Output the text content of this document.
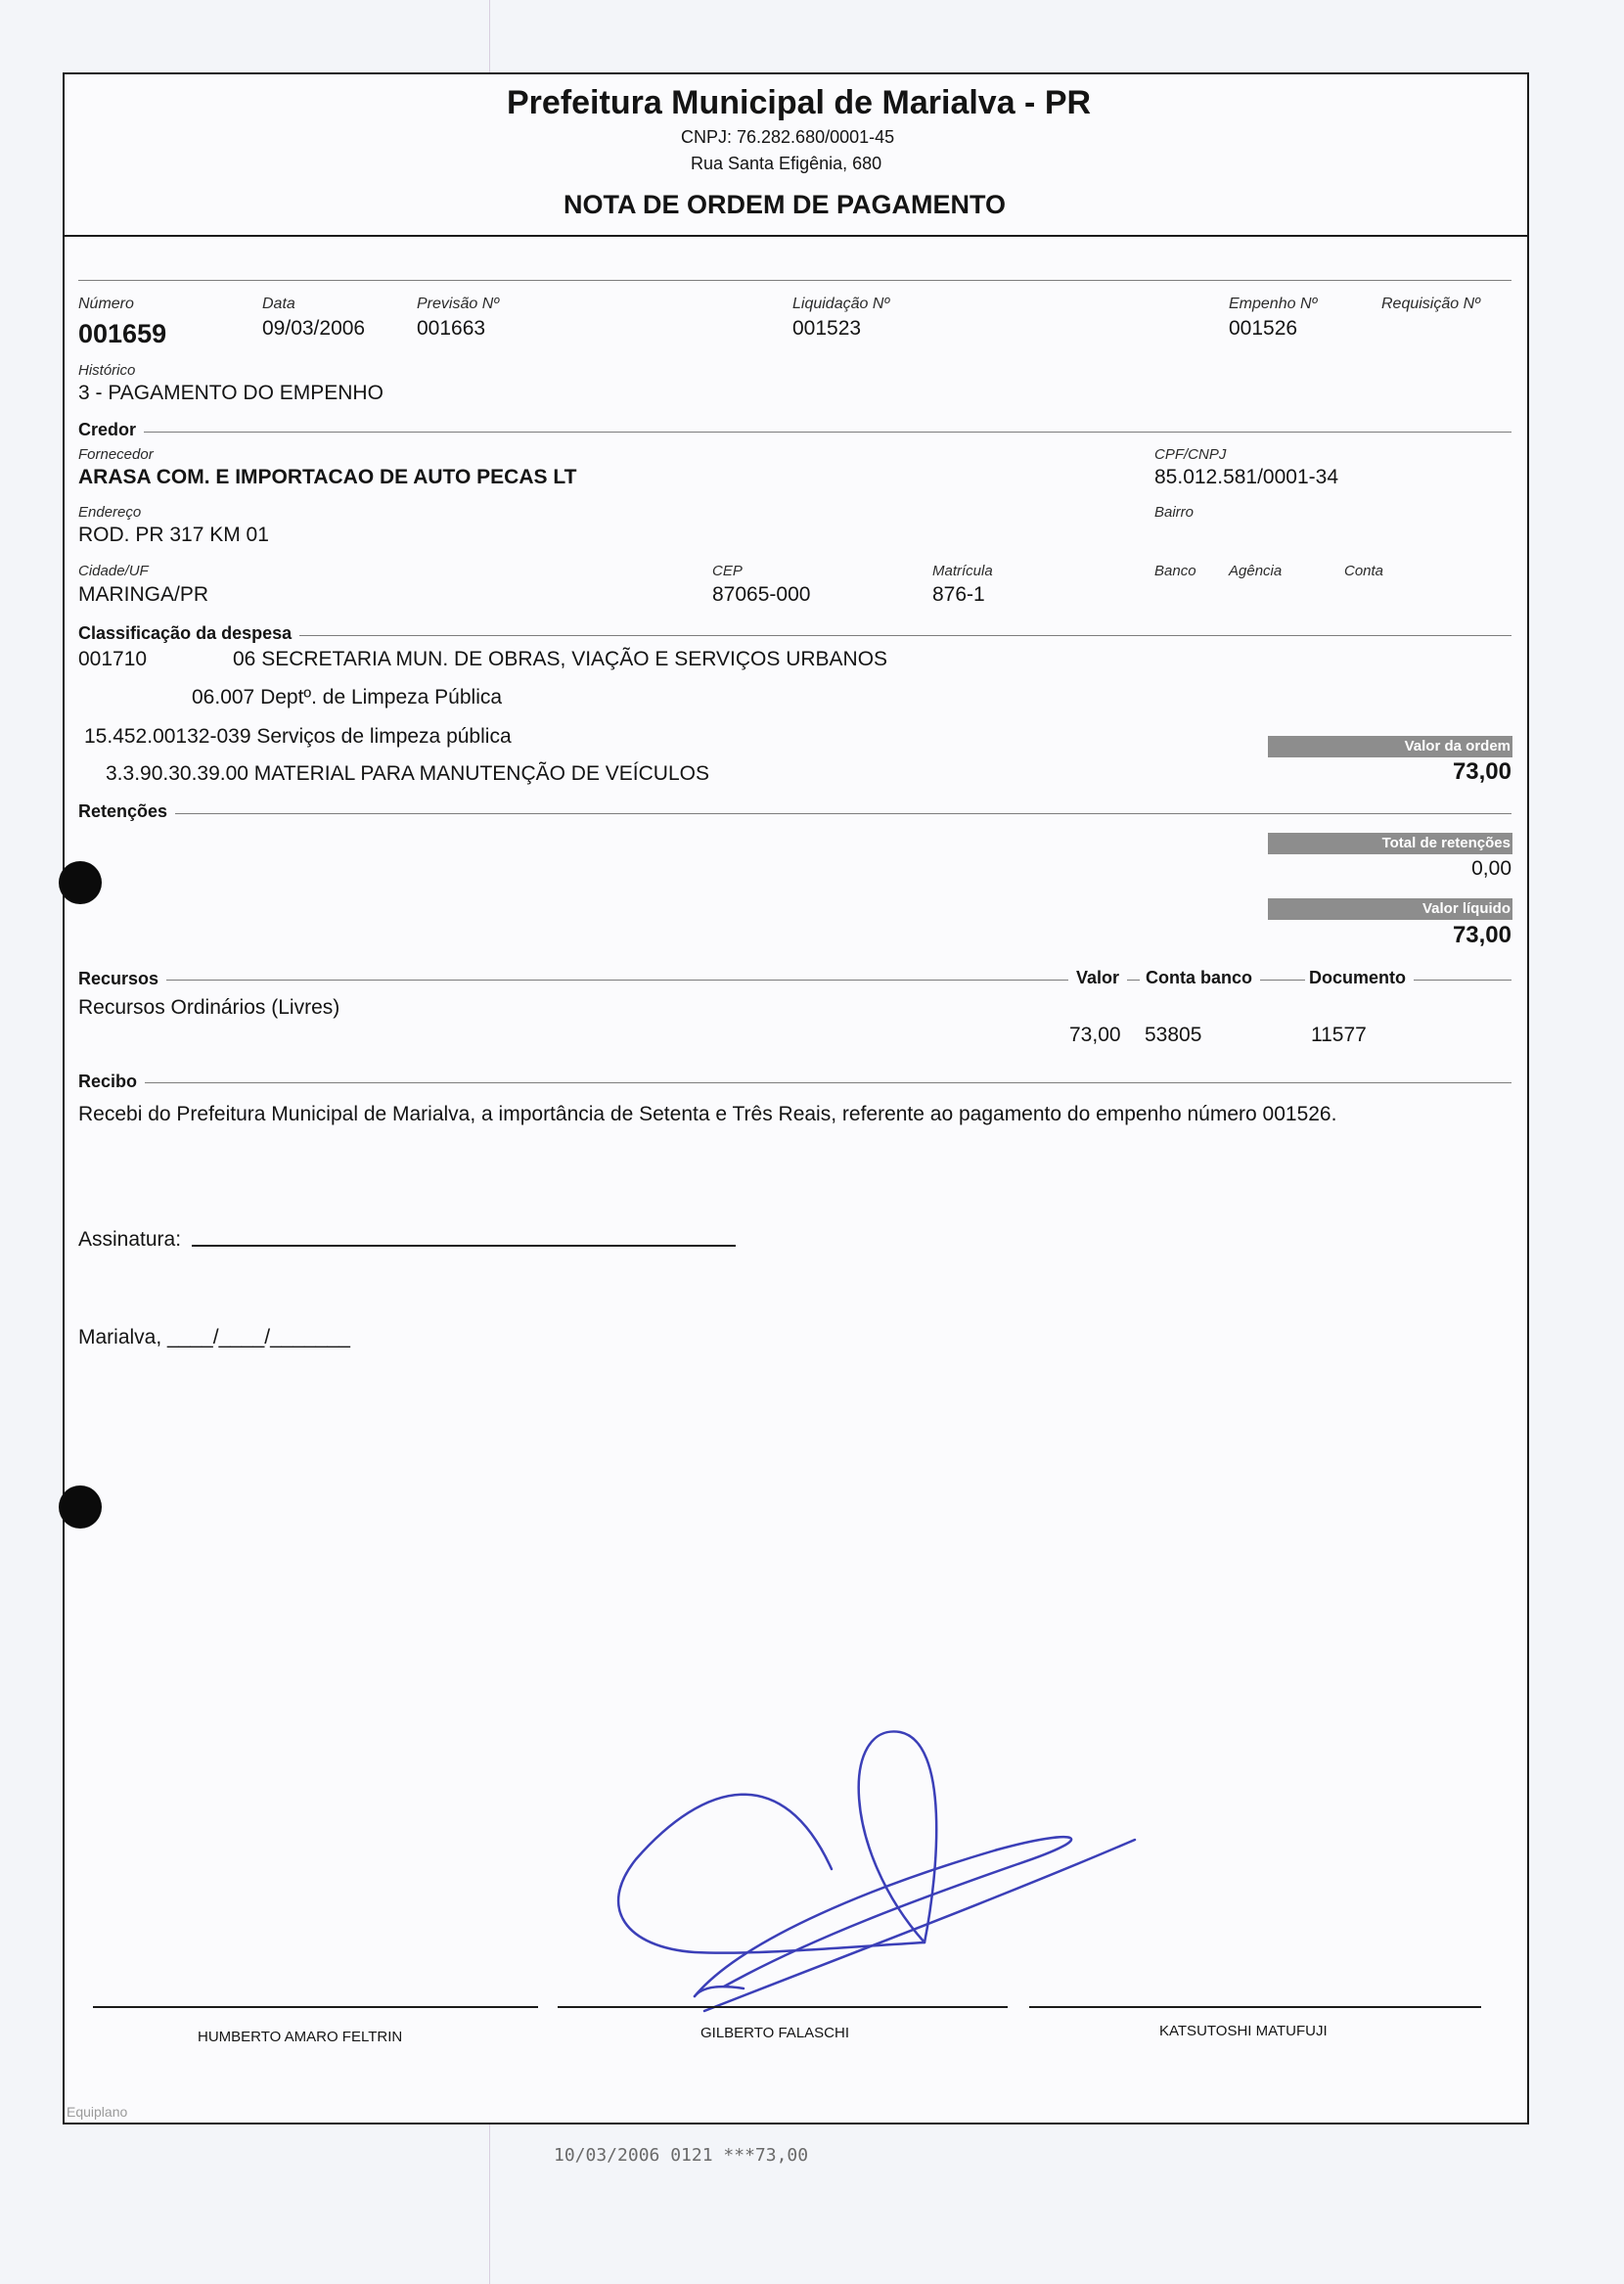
Prefeitura Municipal de Marialva - PR
CNPJ: 76.282.680/0001-45
Rua Santa Efigênia, 680
NOTA DE ORDEM DE PAGAMENTO
Número
001659
Data
09/03/2006
Previsão Nº
001663
Liquidação Nº
001523
Empenho Nº
001526
Requisição Nº
Histórico
3 - PAGAMENTO DO EMPENHO
Credor
Fornecedor
ARASA COM. E IMPORTACAO DE AUTO PECAS LT
CPF/CNPJ
85.012.581/0001-34
Endereço
ROD. PR 317 KM 01
Bairro
Cidade/UF
MARINGA/PR
CEP
87065-000
Matrícula
876-1
Banco Agência	Conta
Classificação da despesa
001710	06 SECRETARIA MUN. DE OBRAS, VIAÇÃO E SERVIÇOS URBANOS
06.007 Deptº. de Limpeza Pública
15.452.00132-039 Serviços de limpeza pública
3.3.90.30.39.00 MATERIAL PARA MANUTENÇÃO DE VEÍCULOS
Valor da ordem
73,00
Retenções
Total de retenções
0,00
Valor líquido
73,00
Recursos	Valor	Conta banco	Documento
Recursos Ordinários (Livres)
73,00 53805	11577
Recibo
Recebi do Prefeitura Municipal de Marialva, a importância de Setenta e Três Reais, referente ao pagamento do empenho número 001526.
Assinatura:
Marialva, ____/____/_______
HUMBERTO AMARO FELTRIN	GILBERTO FALASCHI	KATSUTOSHI MATUFUJI
Equiplano
10/03/2006 0121 ***73,00
